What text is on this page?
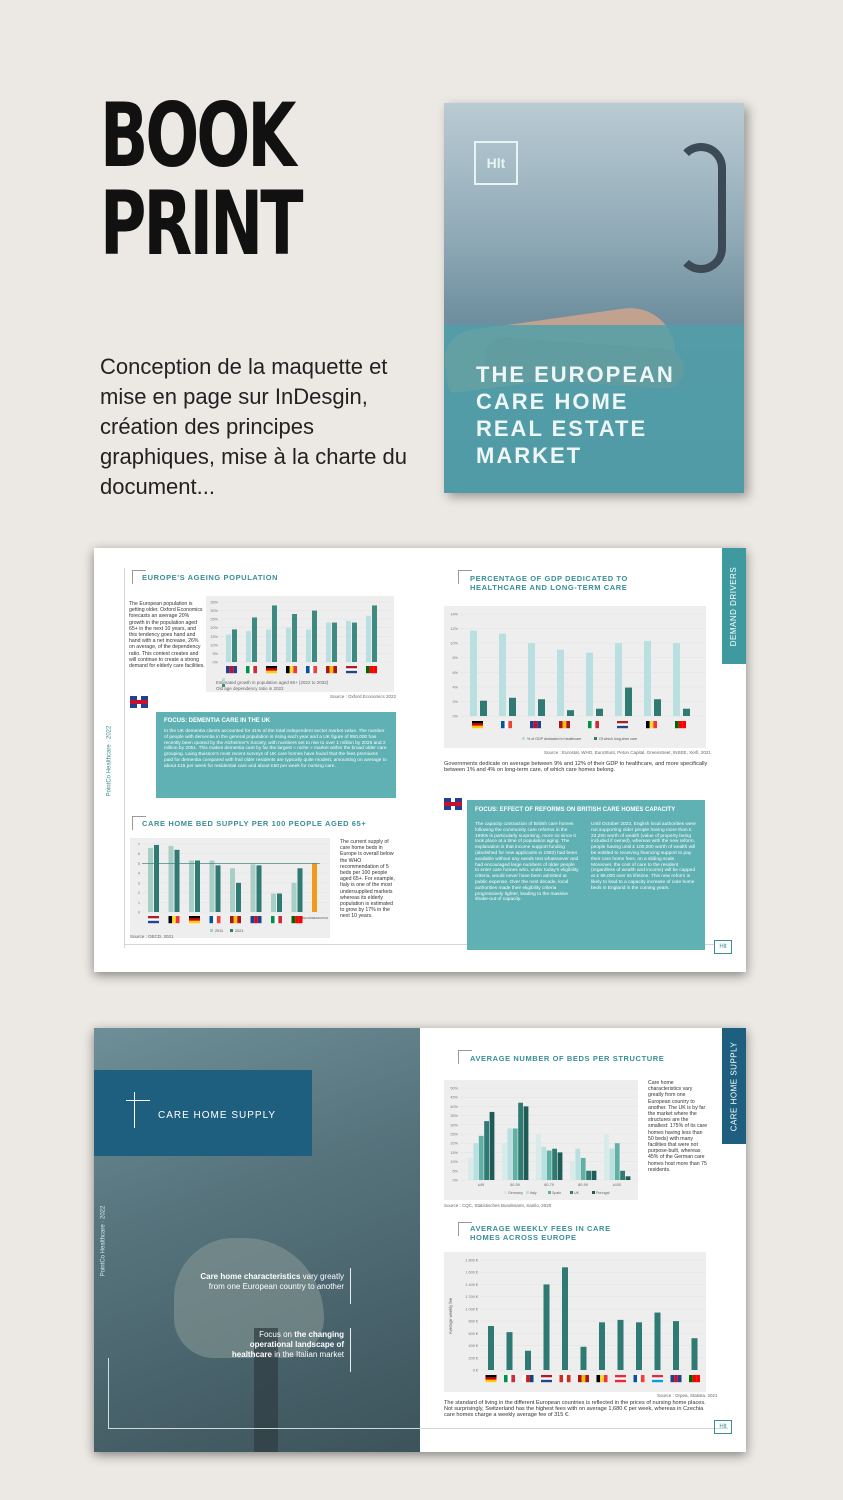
BOOK
PRINT
Conception de la maquette et mise en page sur InDesgin, création des principes graphiques, mise à la charte du document...
Hlt
THE EUROPEAN
CARE HOME
REAL ESTATE
MARKET
PointCo Healthcare · 2022
EUROPE'S AGEING POPULATION
The European population is getting older. Oxford Economics forecasts an average 20% growth in the population aged 65+ in the next 10 years, and this tendency goes hand and hand with a net increase, 26% on average, of the dependency ratio. This context creates and will continue to create a strong demand for elderly care facilities.
35%
30%
25%
20%
15%
10%
5%
0%
Estimated growth in population aged 65+ (2022 to 2032)
Old age dependency ratio in 2022
Source : Oxford Economics 2022
FOCUS: DEMENTIA CARE IN THE UK
In the UK dementia clients accounted for 41% of the total independent sector market value. The number of people with dementia in the general population is rising each year and a UK figure of 850,000 has recently been quoted by the Alzheimer's Society, with numbers set to rise to over 1 million by 2025 and 2 million by 2051. This makes dementia care by far the largest « niche » market within the broad older care grouping. Laing Buisson's most recent surveys of UK care homes have found that the fees premiums paid for dementia compared with frail older residents are typically quite modest, amounting on average to about £15 per week for residential care and about £50 per week for nursing care.
CARE HOME BED SUPPLY PER 100 PEOPLE AGED 65+
7
6
5
4
3
2
1
0
WHO RECOMMENDATION
2011	2021
Source : OECD, 2021
The current supply of care home beds in Europe is overall below the WHO recommendation of 5 beds per 100 people aged 65+. For example, Italy is one of the most undersupplied markets whereas its elderly population is estimated to grow by 17% in the next 10 years.
PERCENTAGE OF GDP DEDICATED TO
HEALTHCARE AND LONG-TERM CARE
14%
12%
10%
8%
6%
4%
2%
0%
% of GDP dedicated to healthcare	Of which long-term care
Source : Eurostat, WHO, EuroStunt, Peton Capital, Greenstreet, INSEE, Xerfi, 2021
Governments dedicate on average between 9% and 12% of their GDP to healthcare, and more specifically between 1% and 4% on long-term care, of which care homes belong.
FOCUS: EFFECT OF REFORMS ON BRITISH CARE HOMES CAPACITY
The capacity contraction of British care homes following the community care reforms in the 1990s is particularly surprising, more so since it took place at a time of population aging. The explanation is that income support funding (abolished for new applicants in 1993) had been available without any needs test whatsoever and had encouraged large numbers of older people to enter care homes who, under today's eligibility criteria, would never have been admitted at public expense. Over the next decade, local authorities made their eligibility criteria progressively tighter, leading to the massive shake-out of capacity.
Until October 2023, English local authorities were not supporting older people having more than £ 23,250 worth of wealth (value of property being included if owned), whereas with the new reform, people having until £ 100,000 worth of wealth will be entitled to receiving financing support to pay their care home fees, on a sliding scale. Moreover, the cost of care to the resident (regardless of wealth and income) will be capped at £ 86,000 over its lifetime. This new reform is likely to lead to a capacity increase of care home beds in England in the coming years.
DEMAND DRIVERS
Hlt
CARE HOME SUPPLY
PointCo Healthcare · 2022
Care home characteristics vary greatly from one European country to another
Focus on the changing operational landscape of healthcare in the Italian market
AVERAGE NUMBER OF BEDS PER STRUCTURE
50%
45%
40%
35%
30%
25%
20%
15%
10%
5%
0%
≤49	50-59	60-79	80-99	≥100
Germany Italy	Spain	UK	Portugal
Source : CQC, Statistisches Bundesamt, Sanilo, 2020
Care home characteristics vary greatly from one European country to another. The UK is by far the market where the structures are the smallest: 175% of its care homes having less than 50 beds) with many facilities that were not purpose-built, whereas 45% of the German care homes host more than 75 residents.
AVERAGE WEEKLY FEES IN CARE
HOMES ACROSS EUROPE
1 800 €
1 600 €
1 400 €
1 200 €
1 000 €
800 €
600 €
400 €
200 €
0 €
Average weekly fee
Source : Orpea, Statista, 2021
The standard of living in the different European countries is reflected in the prices of nursing home places. Not surprisingly, Switzerland has the highest fees with on average 1,680 € per week, whereas in Czechia care homes charge a weekly average fee of 315 €.
CARE HOME SUPPLY
Hlt
